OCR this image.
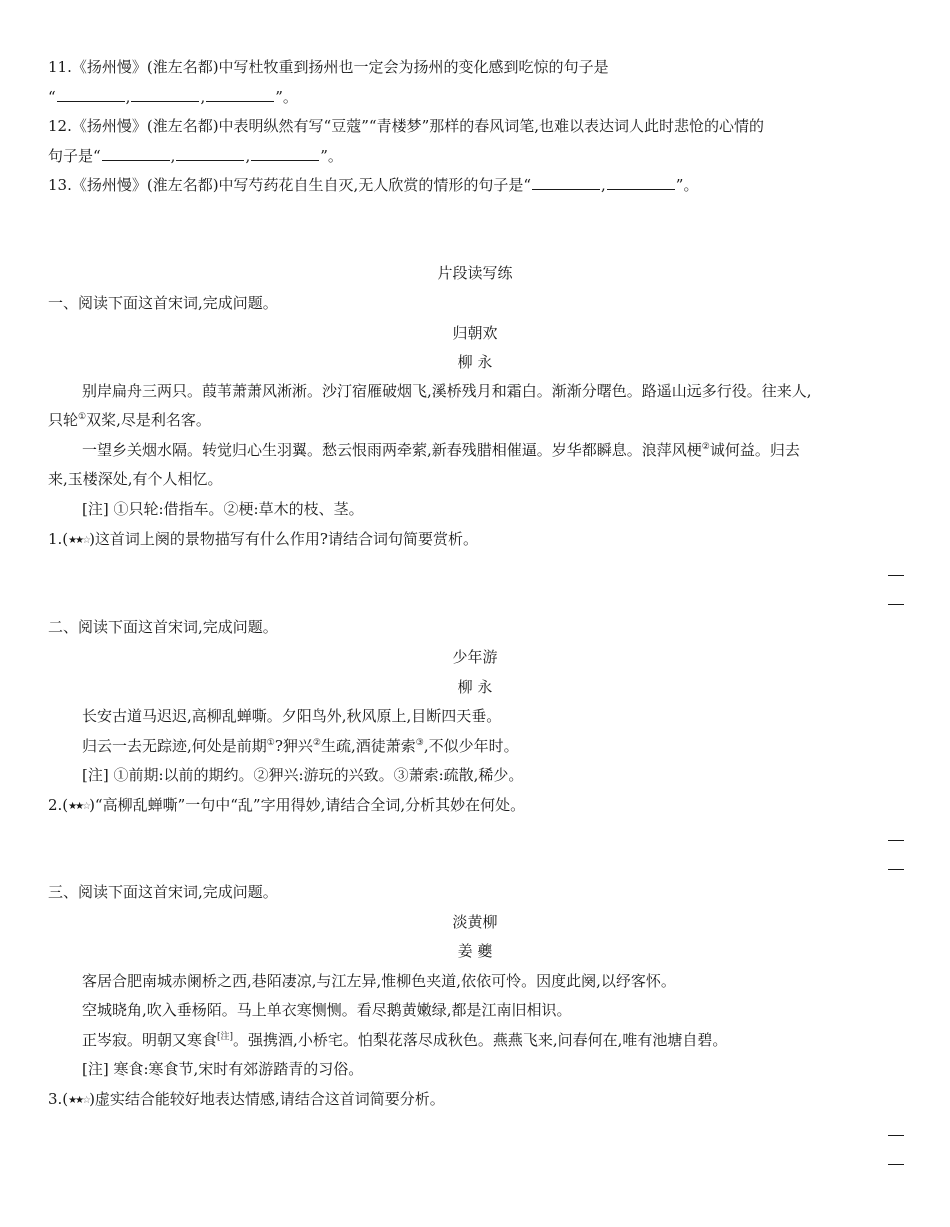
11.《扬州慢》(淮左名都)中写杜牧重到扬州也一定会为扬州的变化感到吃惊的句子是
“	,	,	”。
12.《扬州慢》(淮左名都)中表明纵然有写“豆蔻”“青楼梦”那样的春风词笔,也难以表达词人此时悲怆的心情的
句子是“	,	,	”。
13.《扬州慢》(淮左名都)中写芍药花自生自灭,无人欣赏的情形的句子是“	,	”。
片段读写练
一、阅读下面这首宋词,完成问题。
归朝欢
柳 永
别岸扁舟三两只。葭苇萧萧风淅淅。沙汀宿雁破烟飞,溪桥残月和霜白。渐渐分曙色。路遥山远多行役。往来人,
只轮①双桨,尽是利名客。
一望乡关烟水隔。转觉归心生羽翼。愁云恨雨两牵萦,新春残腊相催逼。岁华都瞬息。浪萍风梗②诚何益。归去
来,玉楼深处,有个人相忆。
[注] ①只轮:借指车。②梗:草木的枝、茎。
1.(★★☆)这首词上阕的景物描写有什么作用?请结合词句简要赏析。
二、阅读下面这首宋词,完成问题。
少年游
柳 永
长安古道马迟迟,高柳乱蝉嘶。夕阳鸟外,秋风原上,目断四天垂。
归云一去无踪迹,何处是前期①?狎兴②生疏,酒徒萧索③,不似少年时。
[注] ①前期:以前的期约。②狎兴:游玩的兴致。③萧索:疏散,稀少。
2.(★★☆)“高柳乱蝉嘶”一句中“乱”字用得妙,请结合全词,分析其妙在何处。
三、阅读下面这首宋词,完成问题。
淡黄柳
姜 夔
客居合肥南城赤阑桥之西,巷陌凄凉,与江左异,惟柳色夹道,依依可怜。因度此阕,以纾客怀。
空城晓角,吹入垂杨陌。马上单衣寒恻恻。看尽鹅黄嫩绿,都是江南旧相识。
正岑寂。明朝又寒食[注]。强携酒,小桥宅。怕梨花落尽成秋色。燕燕飞来,问春何在,唯有池塘自碧。
[注] 寒食:寒食节,宋时有郊游踏青的习俗。
3.(★★☆)虚实结合能较好地表达情感,请结合这首词简要分析。
